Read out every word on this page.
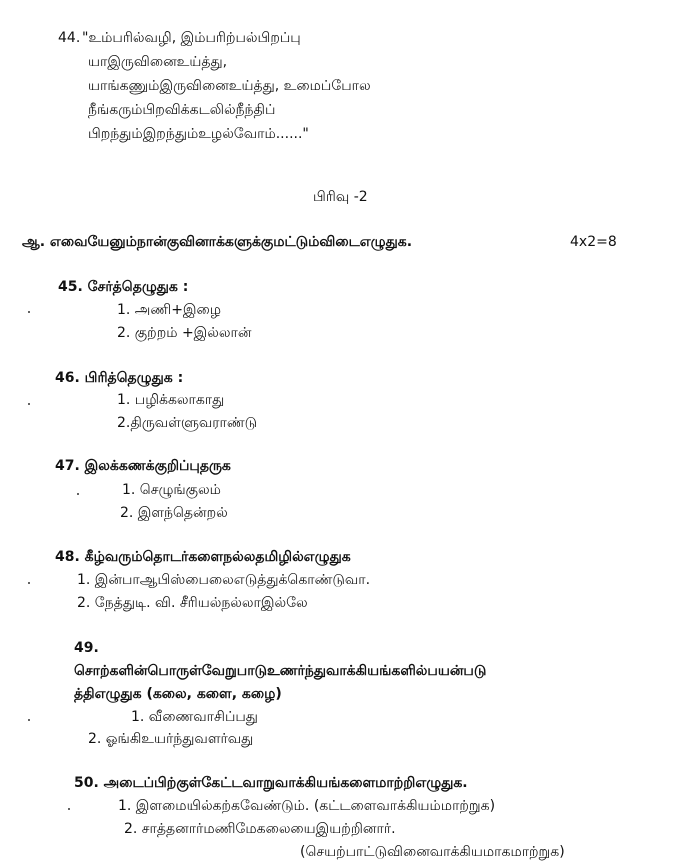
44. "உம்பரில்வழி, இம்பரிற்பல்பிறப்பு
யாஇருவினைஉய்த்து,
யாங்கணும்இருவினைஉய்த்து, உமைப்போல
நீங்கரும்பிறவிக்கடலில்நீந்திப்
பிறந்தும்இறந்தும்உழல்வோம்......"
பிரிவு -2
ஆ. எவையேனும்நான்குவினாக்களுக்குமட்டும்விடைஎழுதுக.	4x2=8
45. சேர்த்தெழுதுக :
1. அணி+இழை
2. குற்றம் +இல்லான்
46. பிரித்தெழுதுக :
1. பழிக்கலாகாது
2.திருவள்ளுவராண்டு
47. இலக்கணக்குறிப்புதருக
1. செழுங்குலம்
2. இளந்தென்றல்
48. கீழ்வரும்தொடர்களைநல்லதமிழில்எழுதுக
1. இன்பாஆபிஸ்பைலைஎடுத்துக்கொண்டுவா.
2. நேத்துடி. வி. சீரியல்நல்லாஇல்லே
49.
சொற்களின்பொருள்வேறுபாடுஉணர்ந்துவாக்கியங்களில்பயன்படு
த்திஎழுதுக (கலை, களை, கழை)
1. வீணைவாசிப்பது
2. ஓங்கிஉயர்ந்துவளர்வது
50. அடைப்பிற்குள்கேட்டவாறுவாக்கியங்களைமாற்றிஎழுதுக.
1. இளமையில்கற்கவேண்டும். (கட்டளைவாக்கியம்மாற்றுக)
2. சாத்தனார்மணிமேகலையைஇயற்றினார்.
(செயற்பாட்டுவினைவாக்கியமாகமாற்றுக)
